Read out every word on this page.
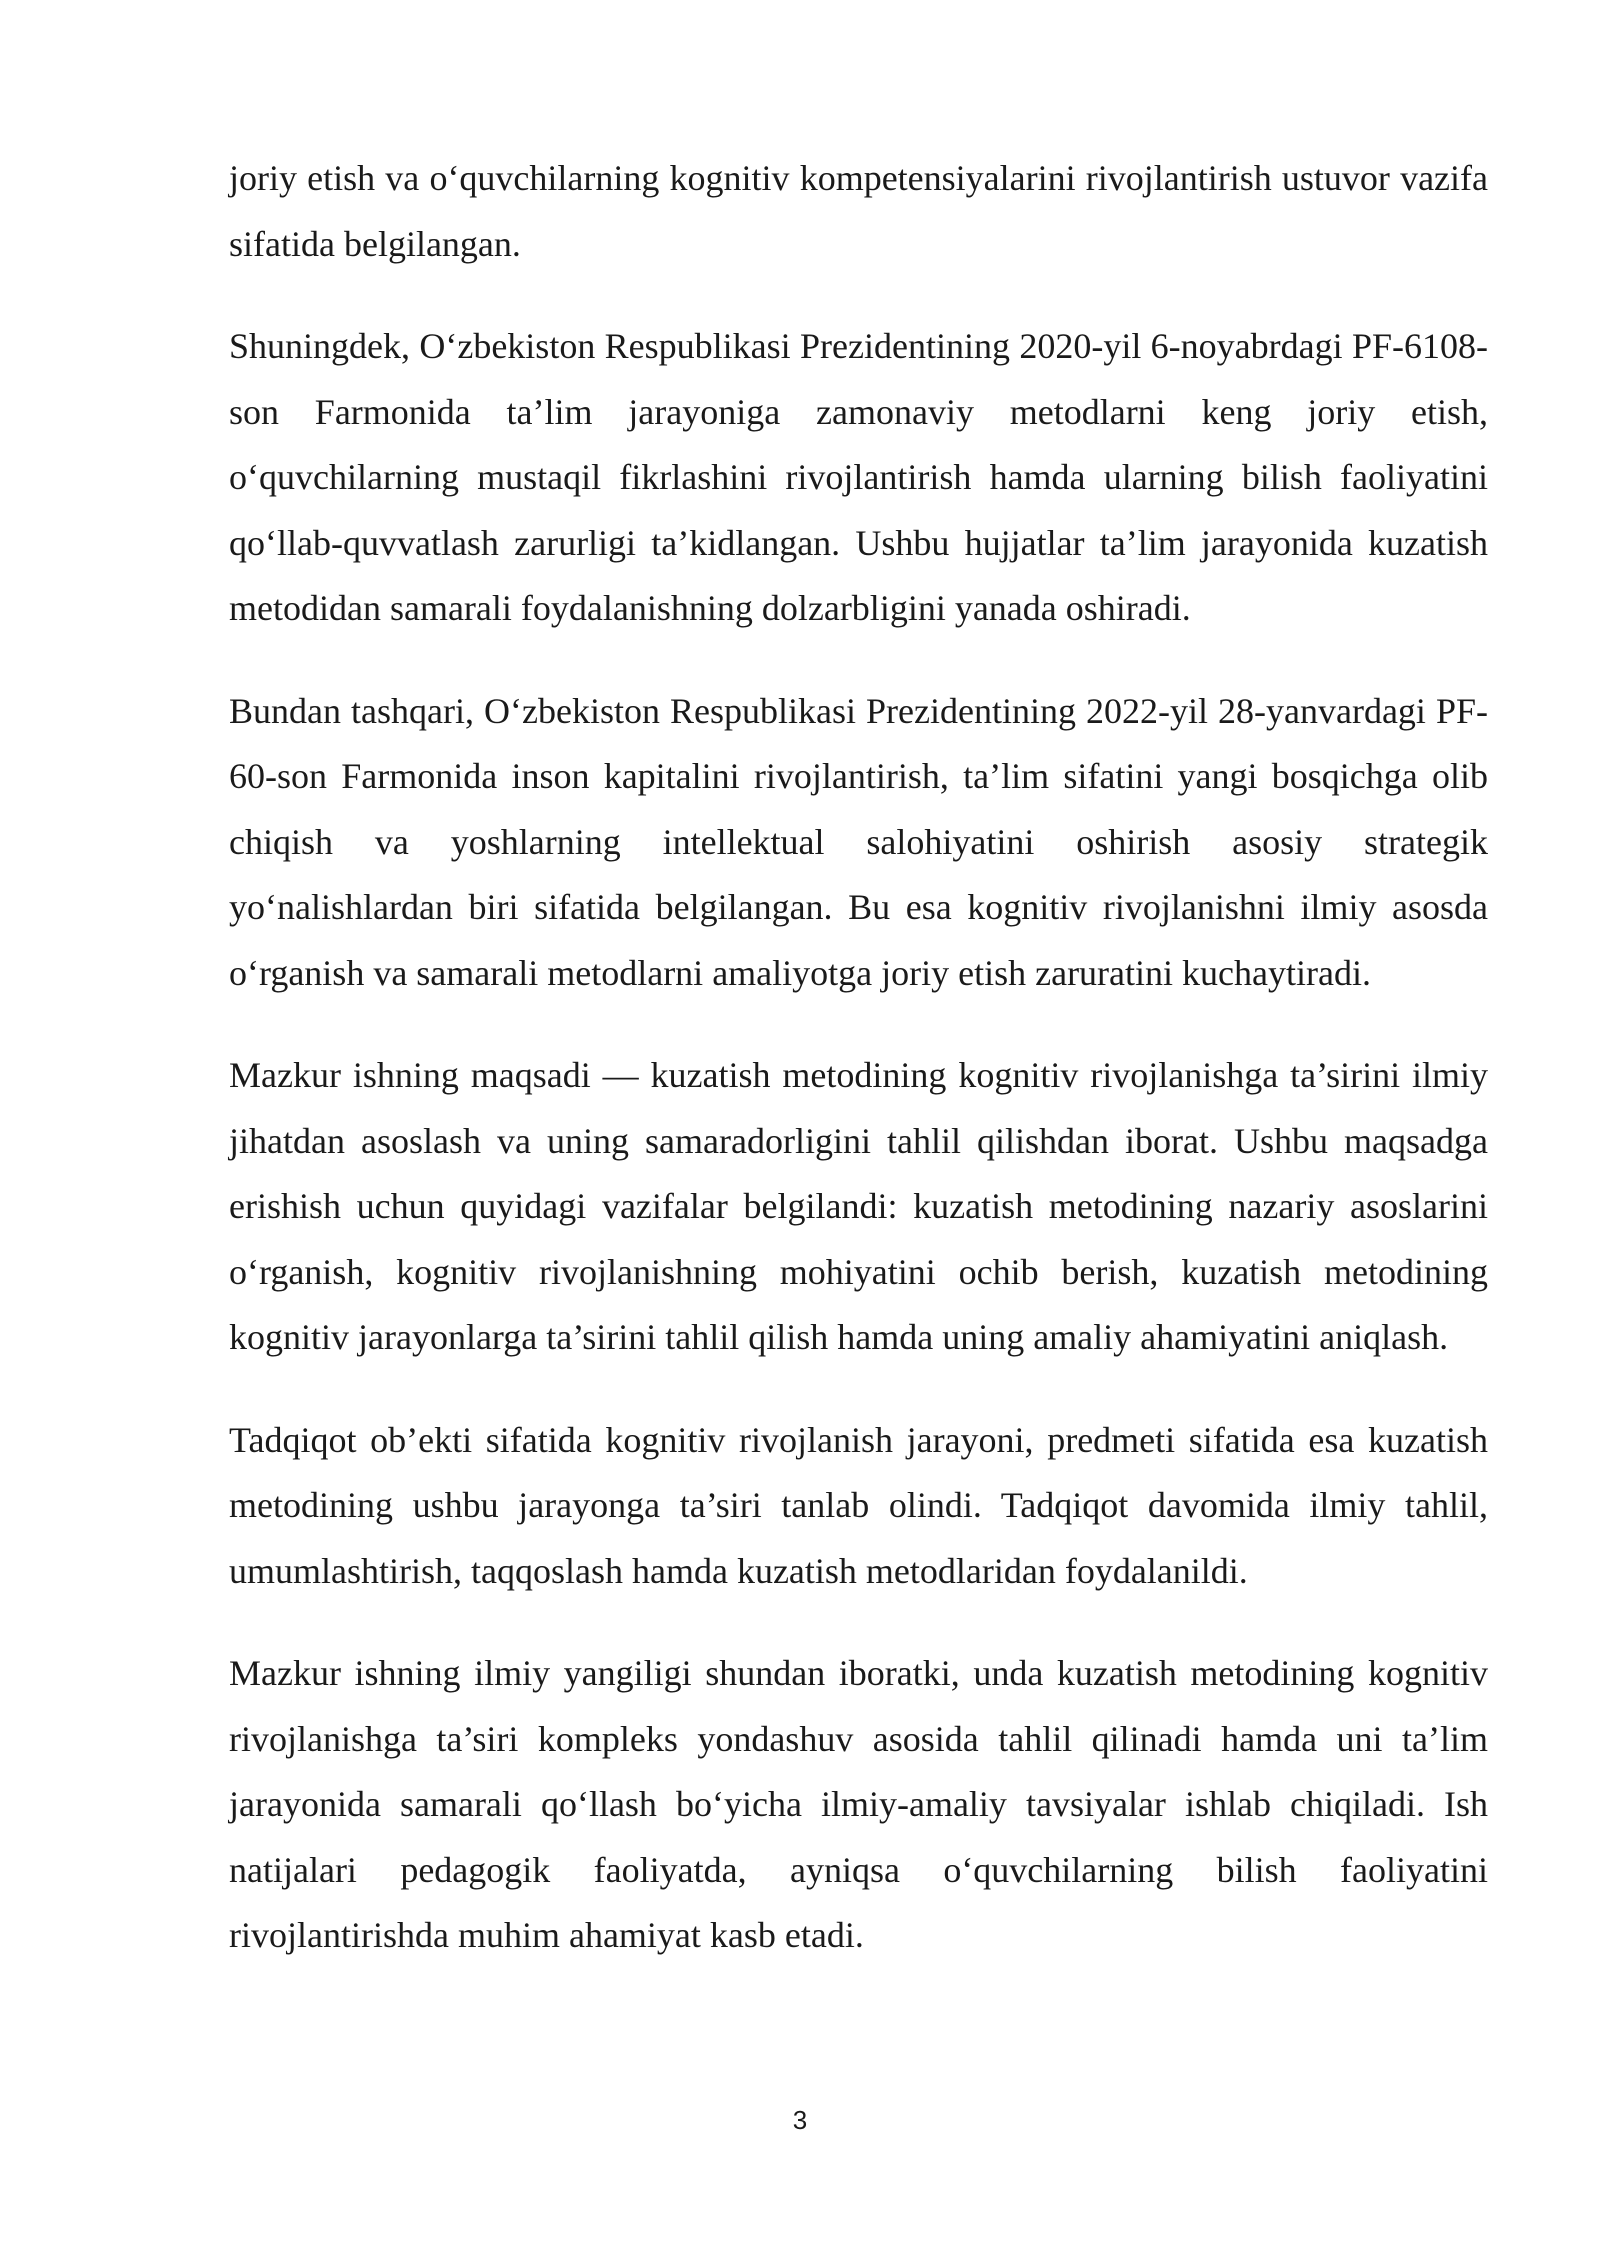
joriy etish va o‘quvchilarning kognitiv kompetensiyalarini rivojlantirish ustuvor vazifa sifatida belgilangan.

Shuningdek, O‘zbekiston Respublikasi Prezidentining 2020-yil 6-noyabrdagi PF-6108-son Farmonida ta’lim jarayoniga zamonaviy metodlarni keng joriy etish, o‘quvchilarning mustaqil fikrlashini rivojlantirish hamda ularning bilish faoliyatini qo‘llab-quvvatlash zarurligi ta’kidlangan. Ushbu hujjatlar ta’lim jarayonida kuzatish metodidan samarali foydalanishning dolzarbligini yanada oshiradi.

Bundan tashqari, O‘zbekiston Respublikasi Prezidentining 2022-yil 28-yanvardagi PF-60-son Farmonida inson kapitalini rivojlantirish, ta’lim sifatini yangi bosqichga olib chiqish va yoshlarning intellektual salohiyatini oshirish asosiy strategik yo‘nalishlardan biri sifatida belgilangan. Bu esa kognitiv rivojlanishni ilmiy asosda o‘rganish va samarali metodlarni amaliyotga joriy etish zaruratini kuchaytiradi.

Mazkur ishning maqsadi — kuzatish metodining kognitiv rivojlanishga ta’sirini ilmiy jihatdan asoslash va uning samaradorligini tahlil qilishdan iborat. Ushbu maqsadga erishish uchun quyidagi vazifalar belgilandi: kuzatish metodining nazariy asoslarini o‘rganish, kognitiv rivojlanishning mohiyatini ochib berish, kuzatish metodining kognitiv jarayonlarga ta’sirini tahlil qilish hamda uning amaliy ahamiyatini aniqlash.

Tadqiqot ob’ekti sifatida kognitiv rivojlanish jarayoni, predmeti sifatida esa kuzatish metodining ushbu jarayonga ta’siri tanlab olindi. Tadqiqot davomida ilmiy tahlil, umumlashtirish, taqqoslash hamda kuzatish metodlaridan foydalanildi.

Mazkur ishning ilmiy yangiligi shundan iboratki, unda kuzatish metodining kognitiv rivojlanishga ta’siri kompleks yondashuv asosida tahlil qilinadi hamda uni ta’lim jarayonida samarali qo‘llash bo‘yicha ilmiy-amaliy tavsiyalar ishlab chiqiladi. Ish natijalari pedagogik faoliyatda, ayniqsa o‘quvchilarning bilish faoliyatini rivojlantirishda muhim ahamiyat kasb etadi.

3
